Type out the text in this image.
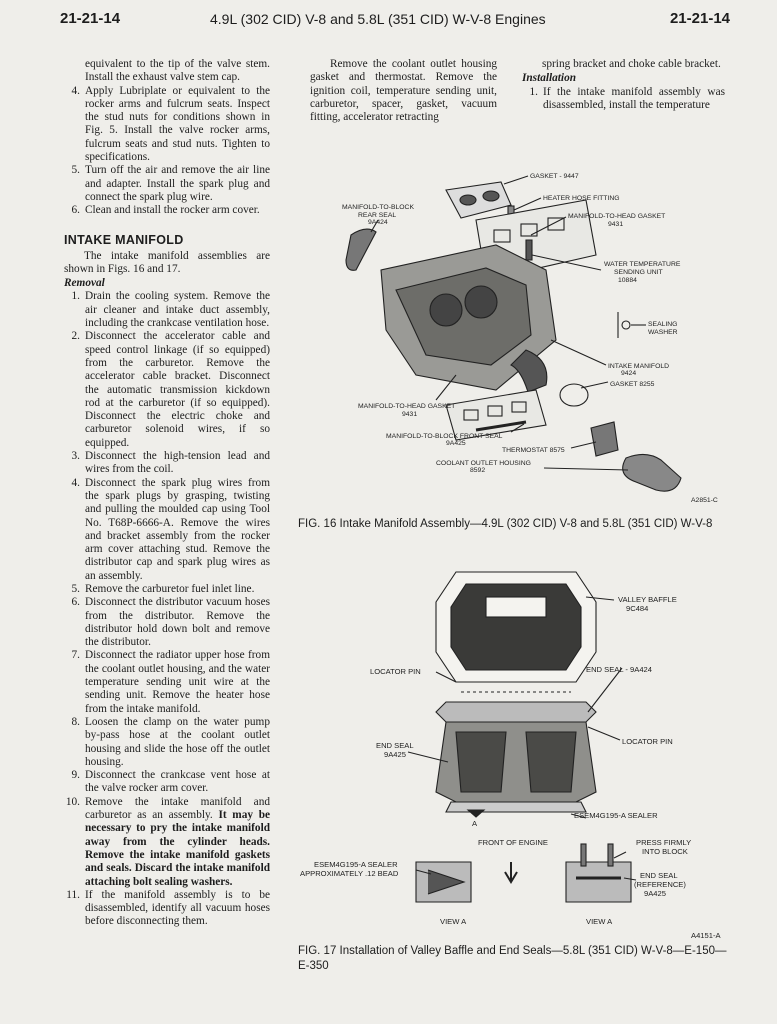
21-21-14	4.9L (302 CID) V-8 and 5.8L (351 CID) W-V-8 Engines	21-21-14

equivalent to the tip of the valve stem. Install the exhaust valve stem cap.

4. Apply Lubriplate or equivalent to the rocker arms and fulcrum seats. Inspect the stud nuts for conditions shown in Fig. 5. Install the valve rocker arms, fulcrum seats and stud nuts. Tighten to specifications.
5. Turn off the air and remove the air line and adapter. Install the spark plug and connect the spark plug wire.
6. Clean and install the rocker arm cover.

INTAKE MANIFOLD

The intake manifold assemblies are shown in Figs. 16 and 17.

Removal

1. Drain the cooling system. Remove the air cleaner and intake duct assembly, including the crankcase ventilation hose.
2. Disconnect the accelerator cable and speed control linkage (if so equipped) from the carburetor. Remove the accelerator cable bracket. Disconnect the automatic transmission kickdown rod at the carburetor (if so equipped). Disconnect the electric choke and carburetor solenoid wires, if so equipped.
3. Disconnect the high-tension lead and wires from the coil.
4. Disconnect the spark plug wires from the spark plugs by grasping, twisting and pulling the moulded cap using Tool No. T68P-6666-A. Remove the wires and bracket assembly from the rocker arm cover attaching stud. Remove the distributor cap and spark plug wires as an assembly.
5. Remove the carburetor fuel inlet line.
6. Disconnect the distributor vacuum hoses from the distributor. Remove the distributor hold down bolt and remove the distributor.
7. Disconnect the radiator upper hose from the coolant outlet housing, and the water temperature sending unit wire at the sending unit. Remove the heater hose from the intake manifold.
8. Loosen the clamp on the water pump by-pass hose at the coolant outlet housing and slide the hose off the outlet housing.
9. Disconnect the crankcase vent hose at the valve rocker arm cover.
10. Remove the intake manifold and carburetor as an assembly. It may be necessary to pry the intake manifold away from the cylinder heads. Remove the intake manifold gaskets and seals. Discard the intake manifold attaching bolt sealing washers.
11. If the manifold assembly is to be disassembled, identify all vacuum hoses before disconnecting them.

Remove the coolant outlet housing gasket and thermostat. Remove the ignition coil, temperature sending unit, carburetor, spacer, gasket, vacuum fitting, accelerator retracting

spring bracket and choke cable bracket.

Installation

1. If the intake manifold assembly was disassembled, install the temperature
GASKET - 9447
HEATER HOSE FITTING
MANIFOLD-TO-BLOCK
REAR SEAL
9A424
MANIFOLD-TO-HEAD GASKET
9431
WATER TEMPERATURE
SENDING UNIT
10884
SEALING
WASHER
INTAKE MANIFOLD
9424
GASKET 8255
MANIFOLD-TO-HEAD GASKET
9431
MANIFOLD-TO-BLOCK FRONT SEAL
9A425
THERMOSTAT 8575
COOLANT OUTLET HOUSING
8592
A2851-C
FIG. 16 Intake Manifold Assembly—4.9L (302 CID) V-8 and 5.8L (351 CID) W-V-8
VALLEY BAFFLE
9C484
LOCATOR PIN	END SEAL - 9A424
LOCATOR PIN
END SEAL
9A425
ESEM4G195-A SEALER
A
FRONT OF ENGINE	PRESS FIRMLY
INTO BLOCK
ESEM4G195-A SEALER
APPROXIMATELY .12 BEAD	END SEAL
(REFERENCE)
9A425
VIEW A	VIEW A
A4151-A
FIG. 17 Installation of Valley Baffle and End Seals—5.8L (351 CID) W-V-8—E-150—E-350
